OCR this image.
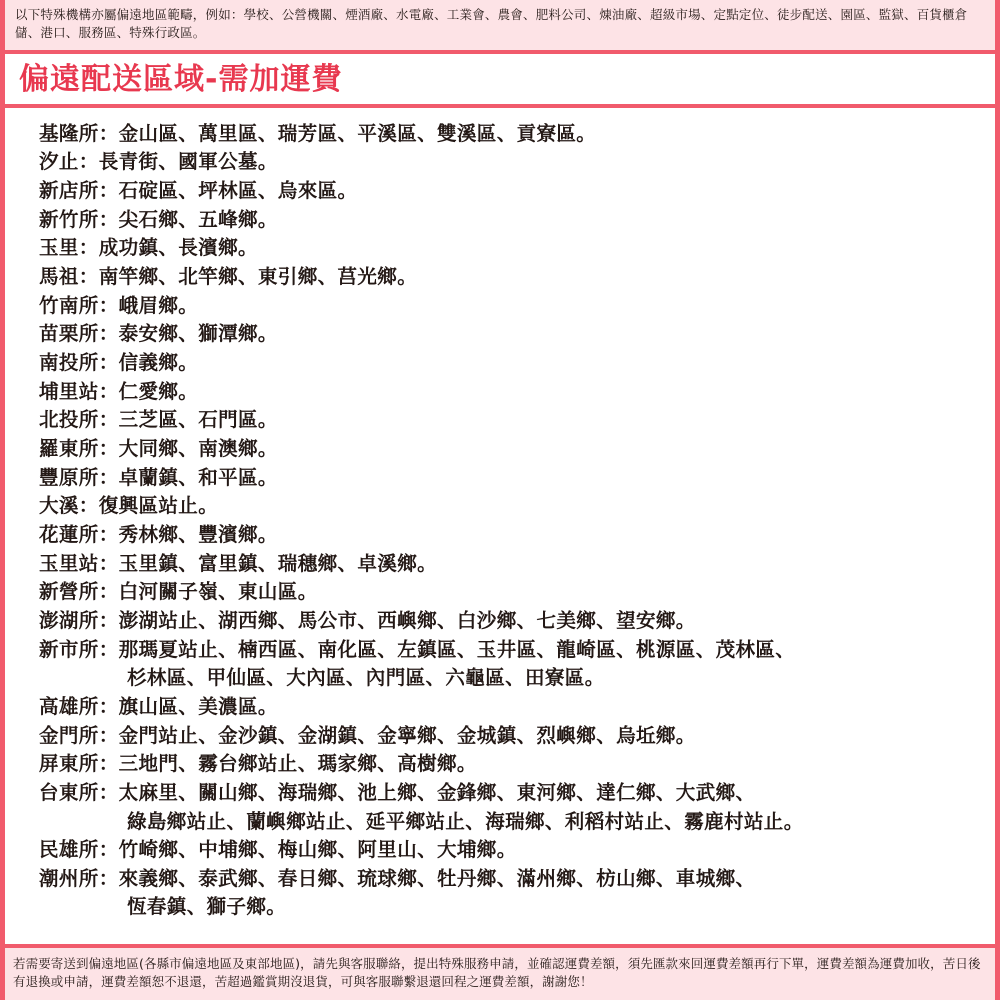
以下特殊機構亦屬偏遠地區範疇，例如：學校、公營機關、煙酒廠、水電廠、工業會、農會、肥料公司、煉油廠、超級市場、定點定位、徒步配送、園區、監獄、百貨櫃倉儲、港口、服務區、特殊行政區。

偏遠配送區域-需加運費
基隆所： 金山區、萬里區、瑞芳區、平溪區、雙溪區、貢寮區。
汐止： 長青街、國軍公墓。
新店所： 石碇區、坪林區、烏來區。
新竹所： 尖石鄉、五峰鄉。
玉里： 成功鎮、長濱鄉。
馬祖： 南竿鄉、北竿鄉、東引鄉、莒光鄉。
竹南所： 峨眉鄉。
苗栗所： 泰安鄉、獅潭鄉。
南投所： 信義鄉。
埔里站： 仁愛鄉。
北投所： 三芝區、石門區。
羅東所： 大同鄉、南澳鄉。
豐原所： 卓蘭鎮、和平區。
大溪： 復興區站止。
花蓮所： 秀林鄉、豐濱鄉。
玉里站： 玉里鎮、富里鎮、瑞穗鄉、卓溪鄉。
新營所： 白河關子嶺、東山區。
澎湖所： 澎湖站止、湖西鄉、馬公市、西嶼鄉、白沙鄉、七美鄉、望安鄉。
新市所： 那瑪夏站止、楠西區、南化區、左鎮區、玉井區、龍崎區、桃源區、茂林區、
杉林區、甲仙區、大內區、內門區、六龜區、田寮區。
高雄所： 旗山區、美濃區。
金門所： 金門站止、金沙鎮、金湖鎮、金寧鄉、金城鎮、烈嶼鄉、烏坵鄉。
屏東所： 三地門、霧台鄉站止、瑪家鄉、高樹鄉。
台東所： 太麻里、關山鄉、海瑞鄉、池上鄉、金鋒鄉、東河鄉、達仁鄉、大武鄉、
綠島鄉站止、蘭嶼鄉站止、延平鄉站止、海瑞鄉、利稻村站止、霧鹿村站止。
民雄所： 竹崎鄉、中埔鄉、梅山鄉、阿里山、大埔鄉。
潮州所： 來義鄉、泰武鄉、春日鄉、琉球鄉、牡丹鄉、滿州鄉、枋山鄉、車城鄉、
恆春鎮、獅子鄉。

若需要寄送到偏遠地區(各縣市偏遠地區及東部地區)，請先與客服聯絡，提出特殊服務申請，並確認運費差額，須先匯款來回運費差額再行下單，運費差額為運費加收，苦日後有退換或申請，運費差額恕不退還，苦超過鑑賞期沒退貨，可與客服聯繫退還回程之運費差額，謝謝您！
